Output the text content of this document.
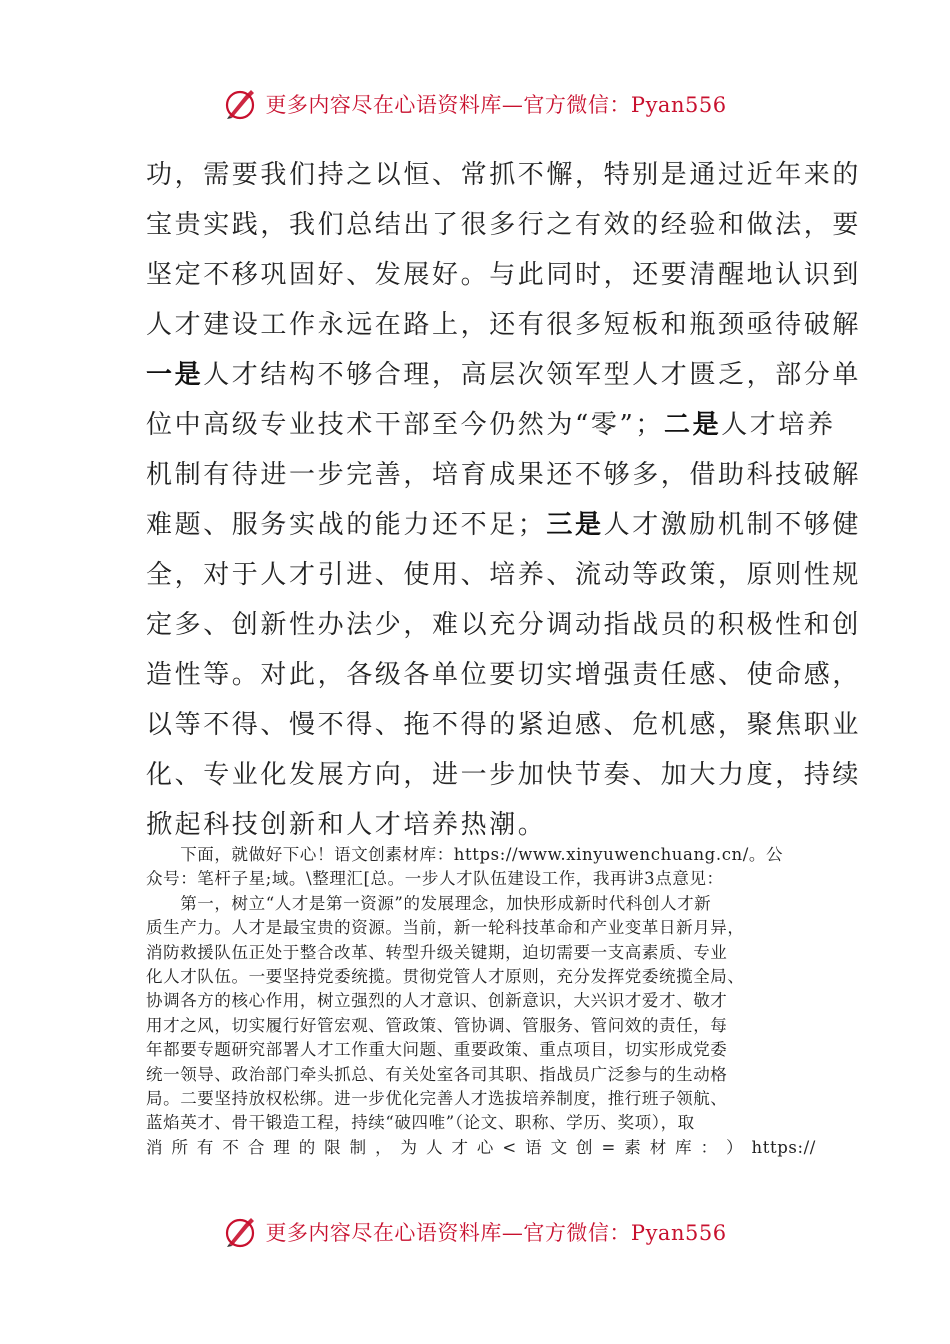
更多内容尽在心语资料库—官方微信：Pyan556
功，需要我们持之以恒、常抓不懈，特别是通过近年来的
宝贵实践，我们总结出了很多行之有效的经验和做法，要
坚定不移巩固好、发展好。与此同时，还要清醒地认识到
人才建设工作永远在路上，还有很多短板和瓶颈亟待破解
一是人才结构不够合理，高层次领军型人才匮乏，部分单
位中高级专业技术干部至今仍然为“零”；二是人才培养
机制有待进一步完善，培育成果还不够多，借助科技破解
难题、服务实战的能力还不足；三是人才激励机制不够健
全，对于人才引进、使用、培养、流动等政策，原则性规
定多、创新性办法少，难以充分调动指战员的积极性和创
造性等。对此，各级各单位要切实增强责任感、使命感，
以等不得、慢不得、拖不得的紧迫感、危机感，聚焦职业
化、专业化发展方向，进一步加快节奏、加大力度，持续
掀起科技创新和人才培养热潮。
　　下面，就做好下心！语文创素材库：https://www.xinyuwenchuang.cn/。公
众号：笔杆子星;域。\整理汇[总。一步人才队伍建设工作，我再讲3点意见：
　　第一，树立“人才是第一资源”的发展理念，加快形成新时代科创人才新
质生产力。人才是最宝贵的资源。当前，新一轮科技革命和产业变革日新月异，
消防救援队伍正处于整合改革、转型升级关键期，迫切需要一支高素质、专业
化人才队伍。一要坚持党委统揽。贯彻党管人才原则，充分发挥党委统揽全局、
协调各方的核心作用，树立强烈的人才意识、创新意识，大兴识才爱才、敬才
用才之风，切实履行好管宏观、管政策、管协调、管服务、管问效的责任，每
年都要专题研究部署人才工作重大问题、重要政策、重点项目，切实形成党委
统一领导、政治部门牵头抓总、有关处室各司其职、指战员广泛参与的生动格
局。二要坚持放权松绑。进一步优化完善人才选拔培养制度，推行班子领航、
蓝焰英才、骨干锻造工程，持续“破四唯”（论文、职称、学历、奖项），取
消 所 有 不 合 理 的 限 制 ， 为 人 才 心 < 语 文 创 = 素 材 库 ： ） https://
更多内容尽在心语资料库—官方微信：Pyan556
